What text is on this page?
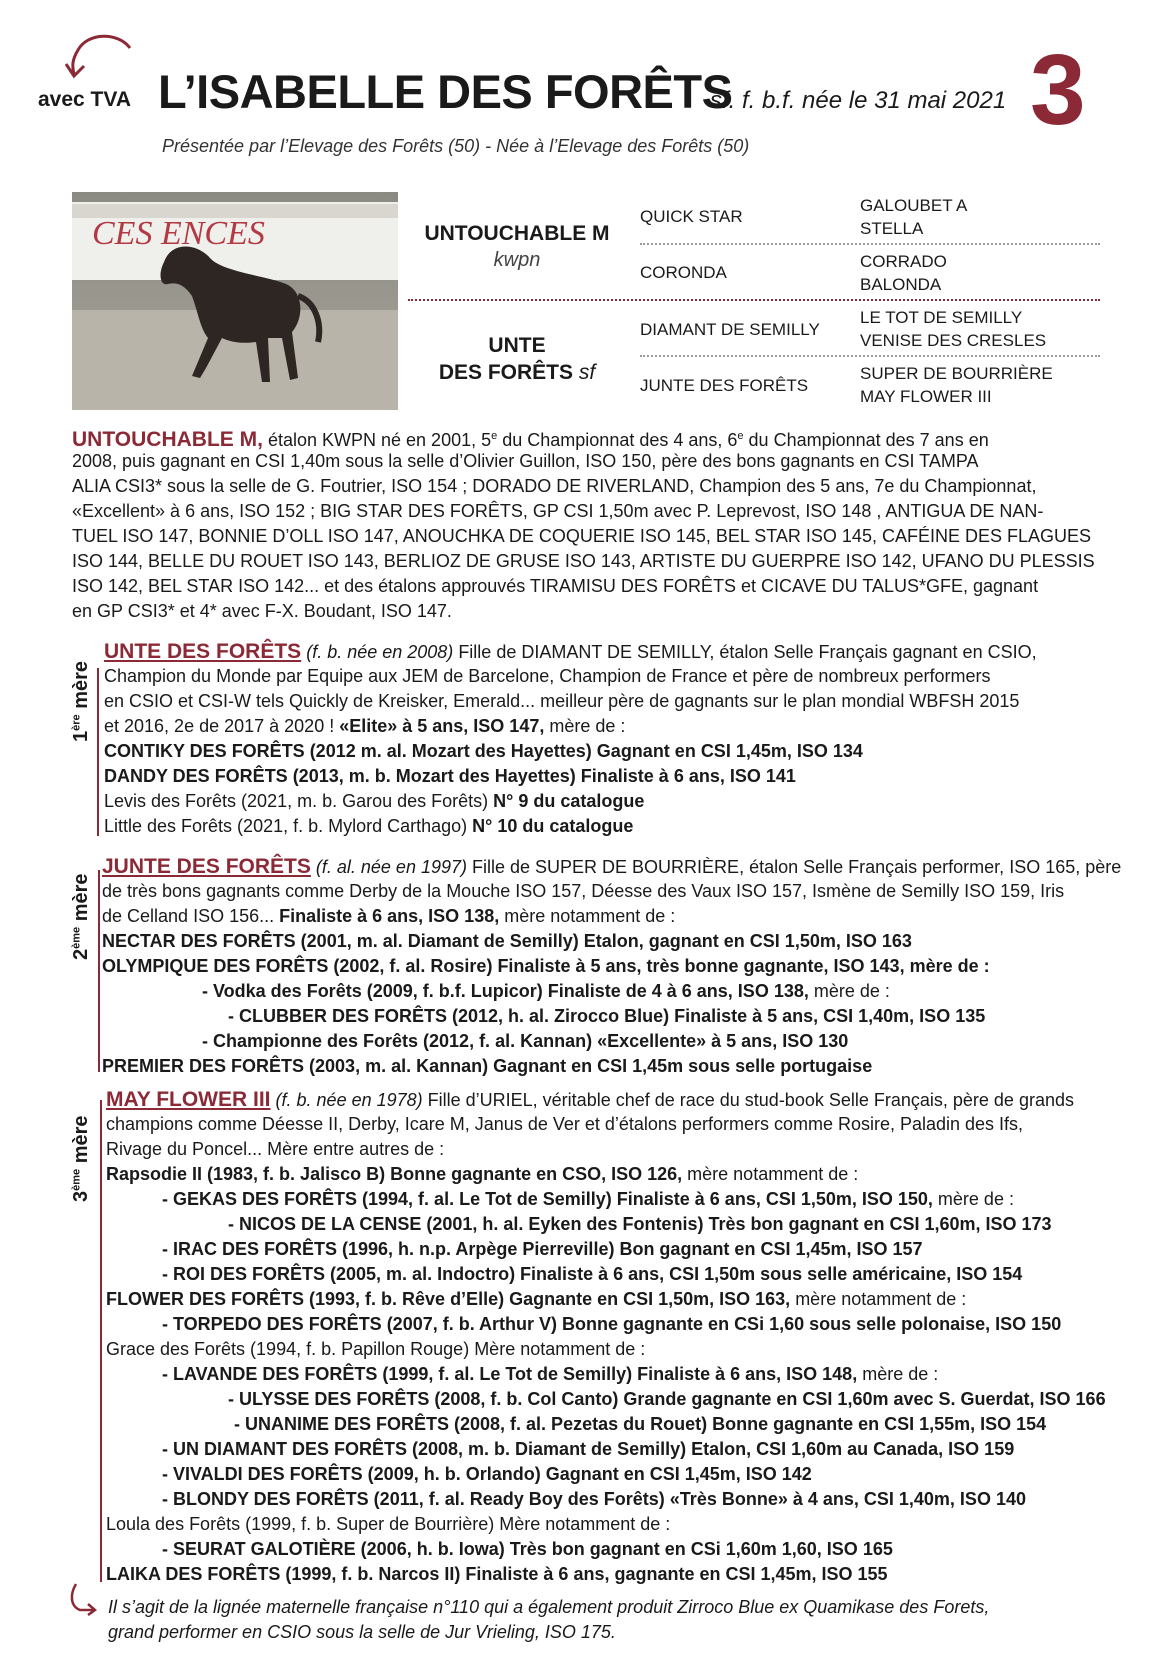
avec TVA L’ISABELLE DES FORÊTS
sf. f. b.f. née le 31 mai 2021 3
Présentée par l’Elevage des Forêts (50) - Née à l’Elevage des Forêts (50)
CES ENCES	UNTOUCHABLE M
kwpn
UNTE
DES FORÊTS sf
QUICK STAR
CORONDA
DIAMANT DE SEMILLY
JUNTE DES FORÊTS
GALOUBET A
STELLA
CORRADO
BALONDA
LE TOT DE SEMILLY
VENISE DES CRESLES
SUPER DE BOURRIÈRE
MAY FLOWER III
UNTOUCHABLE M, étalon KWPN né en 2001, 5e du Championnat des 4 ans, 6e du Championnat des 7 ans en
2008, puis gagnant en CSI 1,40m sous la selle d’Olivier Guillon, ISO 150, père des bons gagnants en CSI TAMPA
ALIA CSI3* sous la selle de G. Foutrier, ISO 154 ; DORADO DE RIVERLAND, Champion des 5 ans, 7e du Championnat,
«Excellent» à 6 ans, ISO 152 ; BIG STAR DES FORÊTS, GP CSI 1,50m avec P. Leprevost, ISO 148 , ANTIGUA DE NAN-
TUEL ISO 147, BONNIE D’OLL ISO 147, ANOUCHKA DE COQUERIE ISO 145, BEL STAR ISO 145, CAFÉINE DES FLAGUES
ISO 144, BELLE DU ROUET ISO 143, BERLIOZ DE GRUSE ISO 143, ARTISTE DU GUERPRE ISO 142, UFANO DU PLESSIS
ISO 142, BEL STAR ISO 142... et des étalons approuvés TIRAMISU DES FORÊTS et CICAVE DU TALUS*GFE, gagnant
en GP CSI3* et 4* avec F-X. Boudant, ISO 147.
1ère mère
UNTE DES FORÊTS (f. b. née en 2008) Fille de DIAMANT DE SEMILLY, étalon Selle Français gagnant en CSIO,
Champion du Monde par Equipe aux JEM de Barcelone, Champion de France et père de nombreux performers
en CSIO et CSI-W tels Quickly de Kreisker, Emerald... meilleur père de gagnants sur le plan mondial WBFSH 2015
et 2016, 2e de 2017 à 2020 ! «Elite» à 5 ans, ISO 147, mère de :
CONTIKY DES FORÊTS (2012 m. al. Mozart des Hayettes) Gagnant en CSI 1,45m, ISO 134
DANDY DES FORÊTS (2013, m. b. Mozart des Hayettes) Finaliste à 6 ans, ISO 141
Levis des Forêts (2021, m. b. Garou des Forêts) N° 9 du catalogue
Little des Forêts (2021, f. b. Mylord Carthago) N° 10 du catalogue
2ème mère
JUNTE DES FORÊTS (f. al. née en 1997) Fille de SUPER DE BOURRIÈRE, étalon Selle Français performer, ISO 165, père
de très bons gagnants comme Derby de la Mouche ISO 157, Déesse des Vaux ISO 157, Ismène de Semilly ISO 159, Iris
de Celland ISO 156... Finaliste à 6 ans, ISO 138, mère notamment de :
NECTAR DES FORÊTS (2001, m. al. Diamant de Semilly) Etalon, gagnant en CSI 1,50m, ISO 163
OLYMPIQUE DES FORÊTS (2002, f. al. Rosire) Finaliste à 5 ans, très bonne gagnante, ISO 143, mère de :
- Vodka des Forêts (2009, f. b.f. Lupicor) Finaliste de 4 à 6 ans, ISO 138, mère de :
- CLUBBER DES FORÊTS (2012, h. al. Zirocco Blue) Finaliste à 5 ans, CSI 1,40m, ISO 135
- Championne des Forêts (2012, f. al. Kannan) «Excellente» à 5 ans, ISO 130
PREMIER DES FORÊTS (2003, m. al. Kannan) Gagnant en CSI 1,45m sous selle portugaise
3ème mère
MAY FLOWER III (f. b. née en 1978) Fille d’URIEL, véritable chef de race du stud-book Selle Français, père de grands
champions comme Déesse II, Derby, Icare M, Janus de Ver et d’étalons performers comme Rosire, Paladin des Ifs,
Rivage du Poncel... Mère entre autres de :
Rapsodie II (1983, f. b. Jalisco B) Bonne gagnante en CSO, ISO 126, mère notamment de :
- GEKAS DES FORÊTS (1994, f. al. Le Tot de Semilly) Finaliste à 6 ans, CSI 1,50m, ISO 150, mère de :
- NICOS DE LA CENSE (2001, h. al. Eyken des Fontenis) Très bon gagnant en CSI 1,60m, ISO 173
- IRAC DES FORÊTS (1996, h. n.p. Arpège Pierreville) Bon gagnant en CSI 1,45m, ISO 157
- ROI DES FORÊTS (2005, m. al. Indoctro) Finaliste à 6 ans, CSI 1,50m sous selle américaine, ISO 154
FLOWER DES FORÊTS (1993, f. b. Rêve d’Elle) Gagnante en CSI 1,50m, ISO 163, mère notamment de :
- TORPEDO DES FORÊTS (2007, f. b. Arthur V) Bonne gagnante en CSi 1,60 sous selle polonaise, ISO 150
Grace des Forêts (1994, f. b. Papillon Rouge) Mère notamment de :
- LAVANDE DES FORÊTS (1999, f. al. Le Tot de Semilly) Finaliste à 6 ans, ISO 148, mère de :
- ULYSSE DES FORÊTS (2008, f. b. Col Canto) Grande gagnante en CSI 1,60m avec S. Guerdat, ISO 166
- UNANIME DES FORÊTS (2008, f. al. Pezetas du Rouet) Bonne gagnante en CSI 1,55m, ISO 154
- UN DIAMANT DES FORÊTS (2008, m. b. Diamant de Semilly) Etalon, CSI 1,60m au Canada, ISO 159
- VIVALDI DES FORÊTS (2009, h. b. Orlando) Gagnant en CSI 1,45m, ISO 142
- BLONDY DES FORÊTS (2011, f. al. Ready Boy des Forêts) «Très Bonne» à 4 ans, CSI 1,40m, ISO 140
Loula des Forêts (1999, f. b. Super de Bourrière) Mère notamment de :
- SEURAT GALOTIÈRE (2006, h. b. Iowa) Très bon gagnant en CSi 1,60m 1,60, ISO 165
LAIKA DES FORÊTS (1999, f. b. Narcos II) Finaliste à 6 ans, gagnante en CSI 1,45m, ISO 155
Il s’agit de la lignée maternelle française n°110 qui a également produit Zirroco Blue ex Quamikase des Forets,
grand performer en CSIO sous la selle de Jur Vrieling, ISO 175.
